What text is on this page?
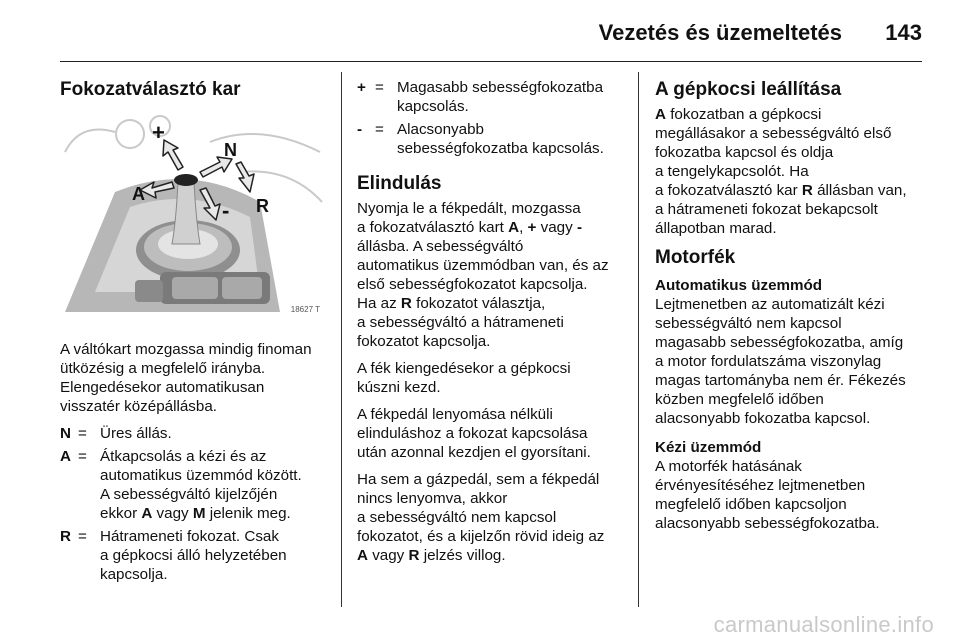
Vezetés és üzemeltetés 143
Fokozatválasztó kar
+
-
A
N
R
18627 T

A váltókart mozgassa mindig finoman
ütközésig a megfelelő irányba.
Elengedésekor automatikusan
visszatér középállásba.

N = Üres állás.
A = Átkapcsolás a kézi és az
automatikus üzemmód között.
A sebességváltó kijelzőjén
ekkor A vagy M jelenik meg.
R = Hátrameneti fokozat. Csak
a gépkocsi álló helyzetében
kapcsolja.
+ = Magasabb sebességfokozatba
kapcsolás.
- = Alacsonyabb
sebességfokozatba kapcsolás.
Elindulás

Nyomja le a fékpedált, mozgassa
a fokozatválasztó kart A, + vagy -
állásba. A sebességváltó
automatikus üzemmódban van, és az
első sebességfokozatot kapcsolja.
Ha az R fokozatot választja,
a sebességváltó a hátrameneti
fokozatot kapcsolja.

A fék kiengedésekor a gépkocsi
kúszni kezd.

A fékpedál lenyomása nélküli
elinduláshoz a fokozat kapcsolása
után azonnal kezdjen el gyorsítani.

Ha sem a gázpedál, sem a fékpedál
nincs lenyomva, akkor
a sebességváltó nem kapcsol
fokozatot, és a kijelzőn rövid ideig az
A vagy R jelzés villog.

A gépkocsi leállítása

A fokozatban a gépkocsi
megállásakor a sebességváltó első
fokozatba kapcsol és oldja
a tengelykapcsolót. Ha
a fokozatválasztó kar R állásban van,
a hátrameneti fokozat bekapcsolt
állapotban marad.

Motorfék
Automatikus üzemmód

Lejtmenetben az automatizált kézi
sebességváltó nem kapcsol
magasabb sebességfokozatba, amíg
a motor fordulatszáma viszonylag
magas tartományba nem ér. Fékezés
közben megfelelő időben
alacsonyabb fokozatba kapcsol.

Kézi üzemmód

A motorfék hatásának
érvényesítéséhez lejtmenetben
megfelelő időben kapcsoljon
alacsonyabb sebességfokozatba.

carmanualsonline.info
